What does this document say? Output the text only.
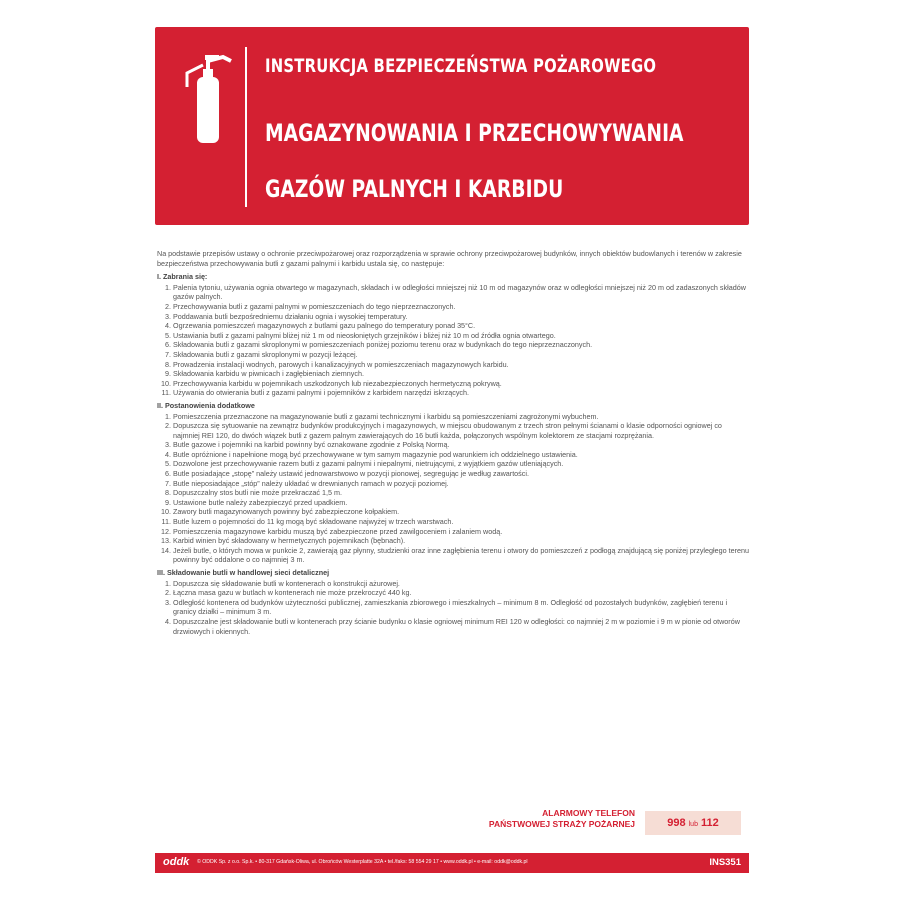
INSTRUKCJA BEZPIECZEŃSTWA POŻAROWEGO
MAGAZYNOWANIA I PRZECHOWYWANIA
GAZÓW PALNYCH I KARBIDU

Na podstawie przepisów ustawy o ochronie przeciwpożarowej oraz rozporządzenia w sprawie ochrony przeciwpożarowej budynków, innych obiektów budowlanych i terenów w zakresie bezpieczeństwa przechowywania butli z gazami palnymi i karbidu ustala się, co następuje:

I. Zabrania się:
1. Palenia tytoniu, używania ognia otwartego w magazynach, składach i w odległości mniejszej niż 10 m od magazynów oraz w odległości mniejszej niż 20 m od zadaszonych składów gazów palnych.
2. Przechowywania butli z gazami palnymi w pomieszczeniach do tego nieprzeznaczonych.
3. Poddawania butli bezpośredniemu działaniu ognia i wysokiej temperatury.
4. Ogrzewania pomieszczeń magazynowych z butlami gazu palnego do temperatury ponad 35°C.
5. Ustawiania butli z gazami palnymi bliżej niż 1 m od nieosłoniętych grzejników i bliżej niż 10 m od źródła ognia otwartego.
6. Składowania butli z gazami skroplonymi w pomieszczeniach poniżej poziomu terenu oraz w budynkach do tego nieprzeznaczonych.
7. Składowania butli z gazami skroplonymi w pozycji leżącej.
8. Prowadzenia instalacji wodnych, parowych i kanalizacyjnych w pomieszczeniach magazynowych karbidu.
9. Składowania karbidu w piwnicach i zagłębieniach ziemnych.
10. Przechowywania karbidu w pojemnikach uszkodzonych lub niezabezpieczonych hermetyczną pokrywą.
11. Używania do otwierania butli z gazami palnymi i pojemników z karbidem narzędzi iskrzących.
II. Postanowienia dodatkowe
1. Pomieszczenia przeznaczone na magazynowanie butli z gazami technicznymi i karbidu są pomieszczeniami zagrożonymi wybuchem.
2. Dopuszcza się sytuowanie na zewnątrz budynków produkcyjnych i magazynowych, w miejscu obudowanym z trzech stron pełnymi ścianami o klasie odporności ogniowej co najmniej REI 120, do dwóch wiązek butli z gazem palnym zawierających do 16 butli każda, połączonych wspólnym kolektorem ze stacjami rozprężania.
3. Butle gazowe i pojemniki na karbid powinny być oznakowane zgodnie z Polską Normą.
4. Butle opróżnione i napełnione mogą być przechowywane w tym samym magazynie pod warunkiem ich oddzielnego ustawienia.
5. Dozwolone jest przechowywanie razem butli z gazami palnymi i niepalnymi, nietrującymi, z wyjątkiem gazów utleniających.
6. Butle posiadające „stopę” należy ustawić jednowarstwowo w pozycji pionowej, segregując je według zawartości.
7. Butle nieposiadające „stóp” należy układać w drewnianych ramach w pozycji poziomej.
8. Dopuszczalny stos butli nie może przekraczać 1,5 m.
9. Ustawione butle należy zabezpieczyć przed upadkiem.
10. Zawory butli magazynowanych powinny być zabezpieczone kołpakiem.
11. Butle luzem o pojemności do 11 kg mogą być składowane najwyżej w trzech warstwach.
12. Pomieszczenia magazynowe karbidu muszą być zabezpieczone przed zawilgoceniem i zalaniem wodą.
13. Karbid winien być składowany w hermetycznych pojemnikach (bębnach).
14. Jeżeli butle, o których mowa w punkcie 2, zawierają gaz płynny, studzienki oraz inne zagłębienia terenu i otwory do pomieszczeń z podłogą znajdującą się poniżej przyległego terenu powinny być oddalone o co najmniej 3 m.
III. Składowanie butli w handlowej sieci detalicznej
1. Dopuszcza się składowanie butli w kontenerach o konstrukcji ażurowej.
2. Łączna masa gazu w butlach w kontenerach nie może przekroczyć 440 kg.
3. Odległość kontenera od budynków użyteczności publicznej, zamieszkania zbiorowego i mieszkalnych – minimum 8 m. Odległość od pozostałych budynków, zagłębień terenu i granicy działki – minimum 3 m.
4. Dopuszczalne jest składowanie butli w kontenerach przy ścianie budynku o klasie ogniowej minimum REI 120 w odległości: co najmniej 2 m w poziomie i 9 m w pionie od otworów drzwiowych i okiennych.
ALARMOWY TELEFON
PAŃSTWOWEJ STRAŻY POŻARNEJ	998 lub 112
oddk © ODDK Sp. z o.o. Sp.k. • 80-317 Gdańsk-Oliwa, ul. Obrońców Westerplatte 32A • tel./faks: 58 554 29 17 • www.oddk.pl • e-mail: oddk@oddk.pl	INS351
